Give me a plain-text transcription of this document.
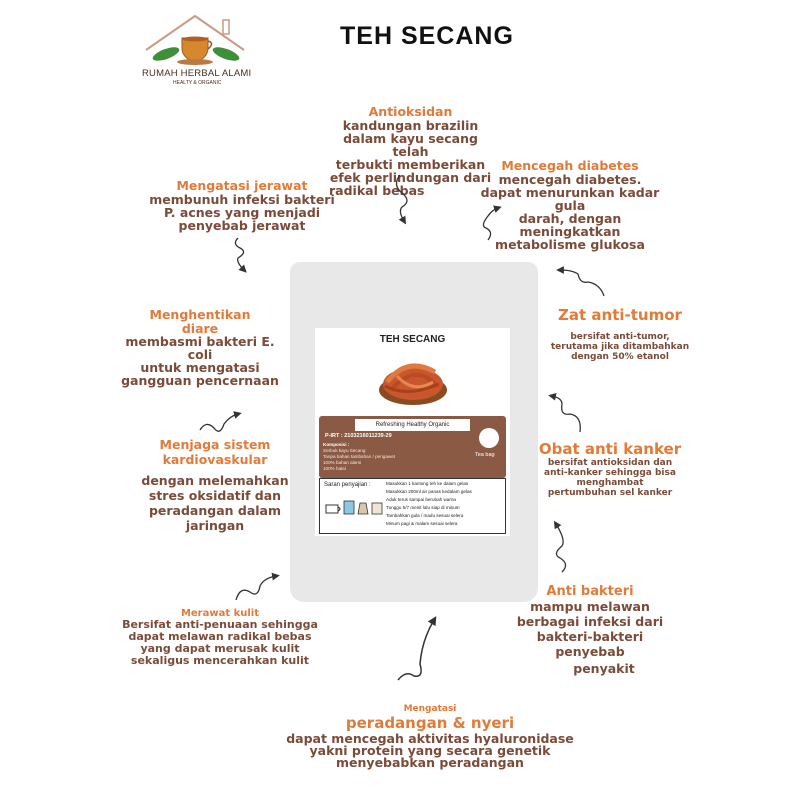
RUMAH HERBAL ALAMI
HEALTY & ORGANIC
TEH SECANG
Antioksidan
kandungan brazilin
dalam kayu secang telah
terbukti memberikan
efek perlindungan dari
radikal bebas
Mencegah diabetes
mencegah diabetes.
dapat menurunkan kadar
gula
darah, dengan
meningkatkan
metabolisme glukosa
Mengatasi jerawat
membunuh infeksi bakteri
P. acnes yang menjadi
penyebab jerawat
Menghentikan
diare
membasmi bakteri E.
coli
untuk mengatasi
gangguan pencernaan
Zat anti-tumor
bersifat anti-tumor,
terutama jika ditambahkan
dengan 50% etanol
Obat anti kanker
bersifat antioksidan dan
anti-kanker sehingga bisa
menghambat
pertumbuhan sel kanker
Menjaga sistem
kardiovaskular
dengan melemahkan
stres oksidatif dan
peradangan dalam
jaringan
Anti bakteri
mampu melawan
berbagai infeksi dari
bakteri-bakteri
penyebab
penyakit
Merawat kulit
Bersifat anti-penuaan sehingga
dapat melawan radikal bebas
yang dapat merusak kulit
sekaligus mencerahkan kulit
Mengatasi
peradangan & nyeri
dapat mencegah aktivitas hyaluronidase
yakni protein yang secara genetik
menyebabkan peradangan
TEH SECANG
Refreshing Healthy Organic
P-IRT : 2103216011239-29
Komposisi :
Serbuk kayu Secang
Tanpa bahan tambahan / pengawet
100% bahan alami
100% halal
Tea bag
Saran penyajian :	Masukkan 1 kantong teh ke dalam gelas
Masukkan 200ml air panas kedalam gelas
Aduk terus sampai berubah warna
Tunggu 5/7 menit lalu siap di minum
Tambahkan gula / madu sesuai selera
Minum pagi & malam sesuai selera
